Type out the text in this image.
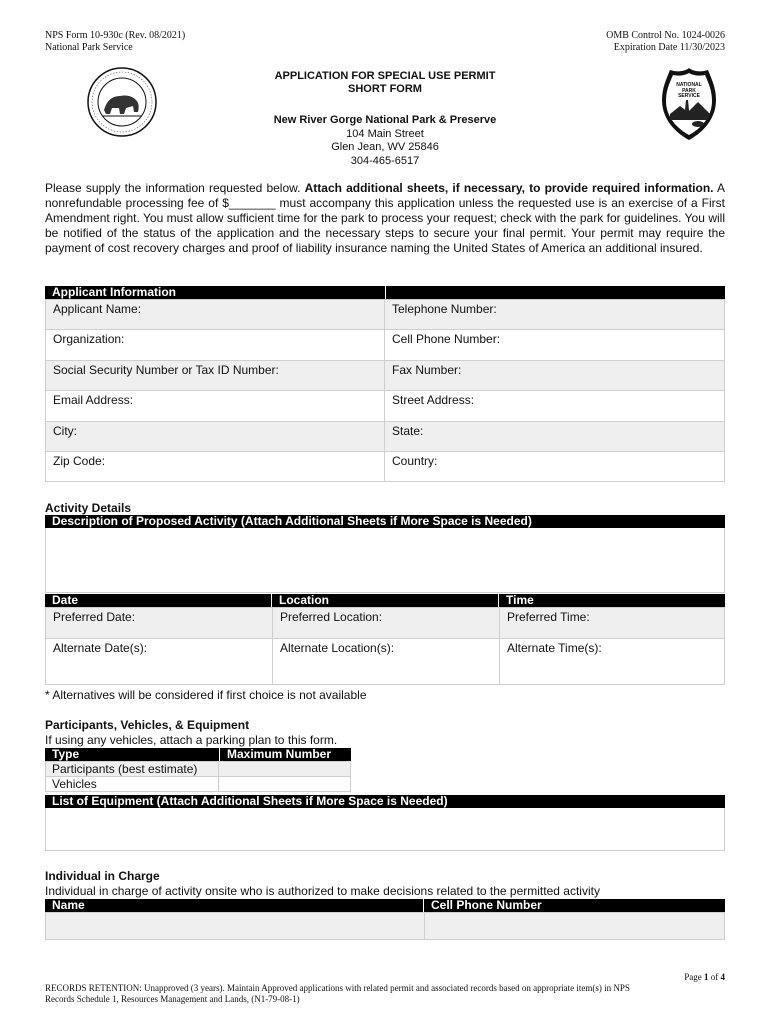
NPS Form 10-930c (Rev. 08/2021)
National Park Service
OMB Control No. 1024-0026
Expiration Date 11/30/2023
NATIONAL
PARK
SERVICE
APPLICATION FOR SPECIAL USE PERMIT
SHORT FORM
New River Gorge National Park & Preserve
104 Main Street
Glen Jean, WV 25846
304-465-6517
Please supply the information requested below. Attach additional sheets, if necessary, to provide required information. A nonrefundable processing fee of $_______ must accompany this application unless the requested use is an exercise of a First Amendment right. You must allow sufficient time for the park to process your request; check with the park for guidelines. You will be notified of the status of the application and the necessary steps to secure your final permit. Your permit may require the payment of cost recovery charges and proof of liability insurance naming the United States of America an additional insured.
Applicant Information
Applicant Name:	Telephone Number:
Organization:	Cell Phone Number:
Social Security Number or Tax ID Number:	Fax Number:
Email Address:	Street Address:
City:	State:
Zip Code:	Country:
Activity Details
Description of Proposed Activity (Attach Additional Sheets if More Space is Needed)
Date	Location	Time
Preferred Date:	Preferred Location:	Preferred Time:
Alternate Date(s):	Alternate Location(s):	Alternate Time(s):
* Alternatives will be considered if first choice is not available
Participants, Vehicles, & Equipment
If using any vehicles, attach a parking plan to this form.
Type	Maximum Number
Participants (best estimate)	
Vehicles	
List of Equipment (Attach Additional Sheets if More Space is Needed)
Individual in Charge
Individual in charge of activity onsite who is authorized to make decisions related to the permitted activity
Name	Cell Phone Number

Page 1 of 4
RECORDS RETENTION: Unapproved (3 years). Maintain Approved applications with related permit and associated records based on appropriate item(s) in NPS
Records Schedule 1, Resources Management and Lands, (N1-79-08-1)
